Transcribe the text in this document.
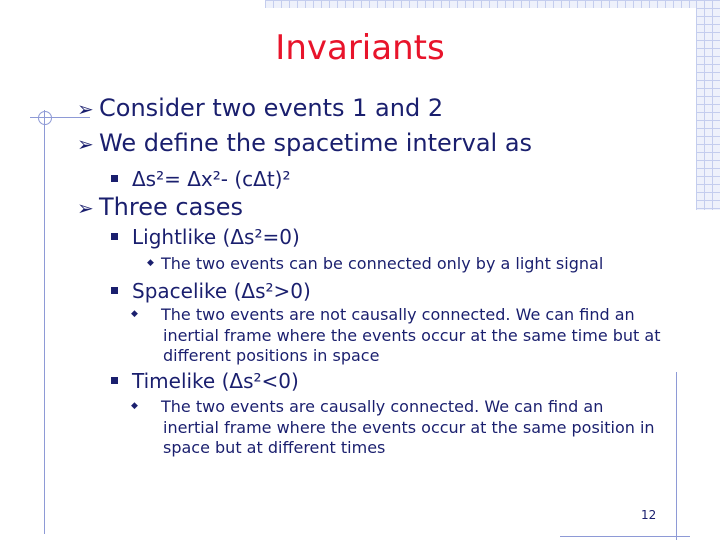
Invariants
➢ Consider two events 1 and 2
➢ We define the spacetime interval as
Δs²= Δx²- (cΔt)²
➢ Three cases
Lightlike (Δs²=0)
◆ The two events can be connected only by a light signal
Spacelike (Δs²>0)
◆ The two events are not causally connected. We can find an inertial frame where the events occur at the same time but at different positions in space
Timelike (Δs²<0)
◆ The two events are causally connected. We can find an inertial frame where the events occur at the same position in space but at different times
12
